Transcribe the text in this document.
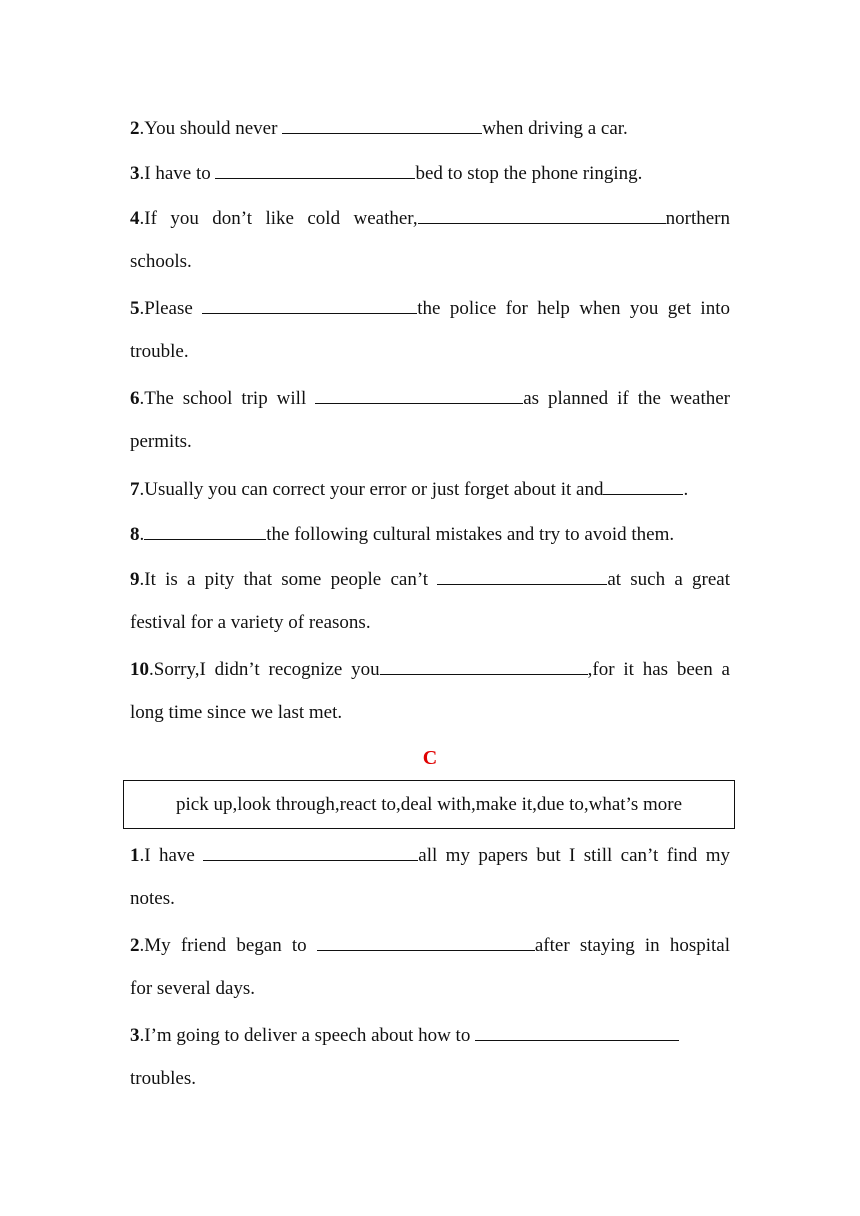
2.You should never	when driving a car.
3.I have to	bed to stop the phone ringing.
4.If you don’t like cold weather,	northern
schools.
5.Please	the police for help when you get into
trouble.
6.The school trip will	as planned if the weather
permits.
7.Usually you can correct your error or just forget about it and	.
8.	the following cultural mistakes and try to avoid them.
9.It is a pity that some people can’t	at such a great
festival for a variety of reasons.
10.Sorry,I didn’t recognize you	,for it has been a
long time since we last met.
C
pick up,look through,react to,deal with,make it,due to,what’s more
1.I have	all my papers but I still can’t find my
notes.
2.My friend began to	after staying in hospital
for several days.
3.I’m going to deliver a speech about how to
troubles.
